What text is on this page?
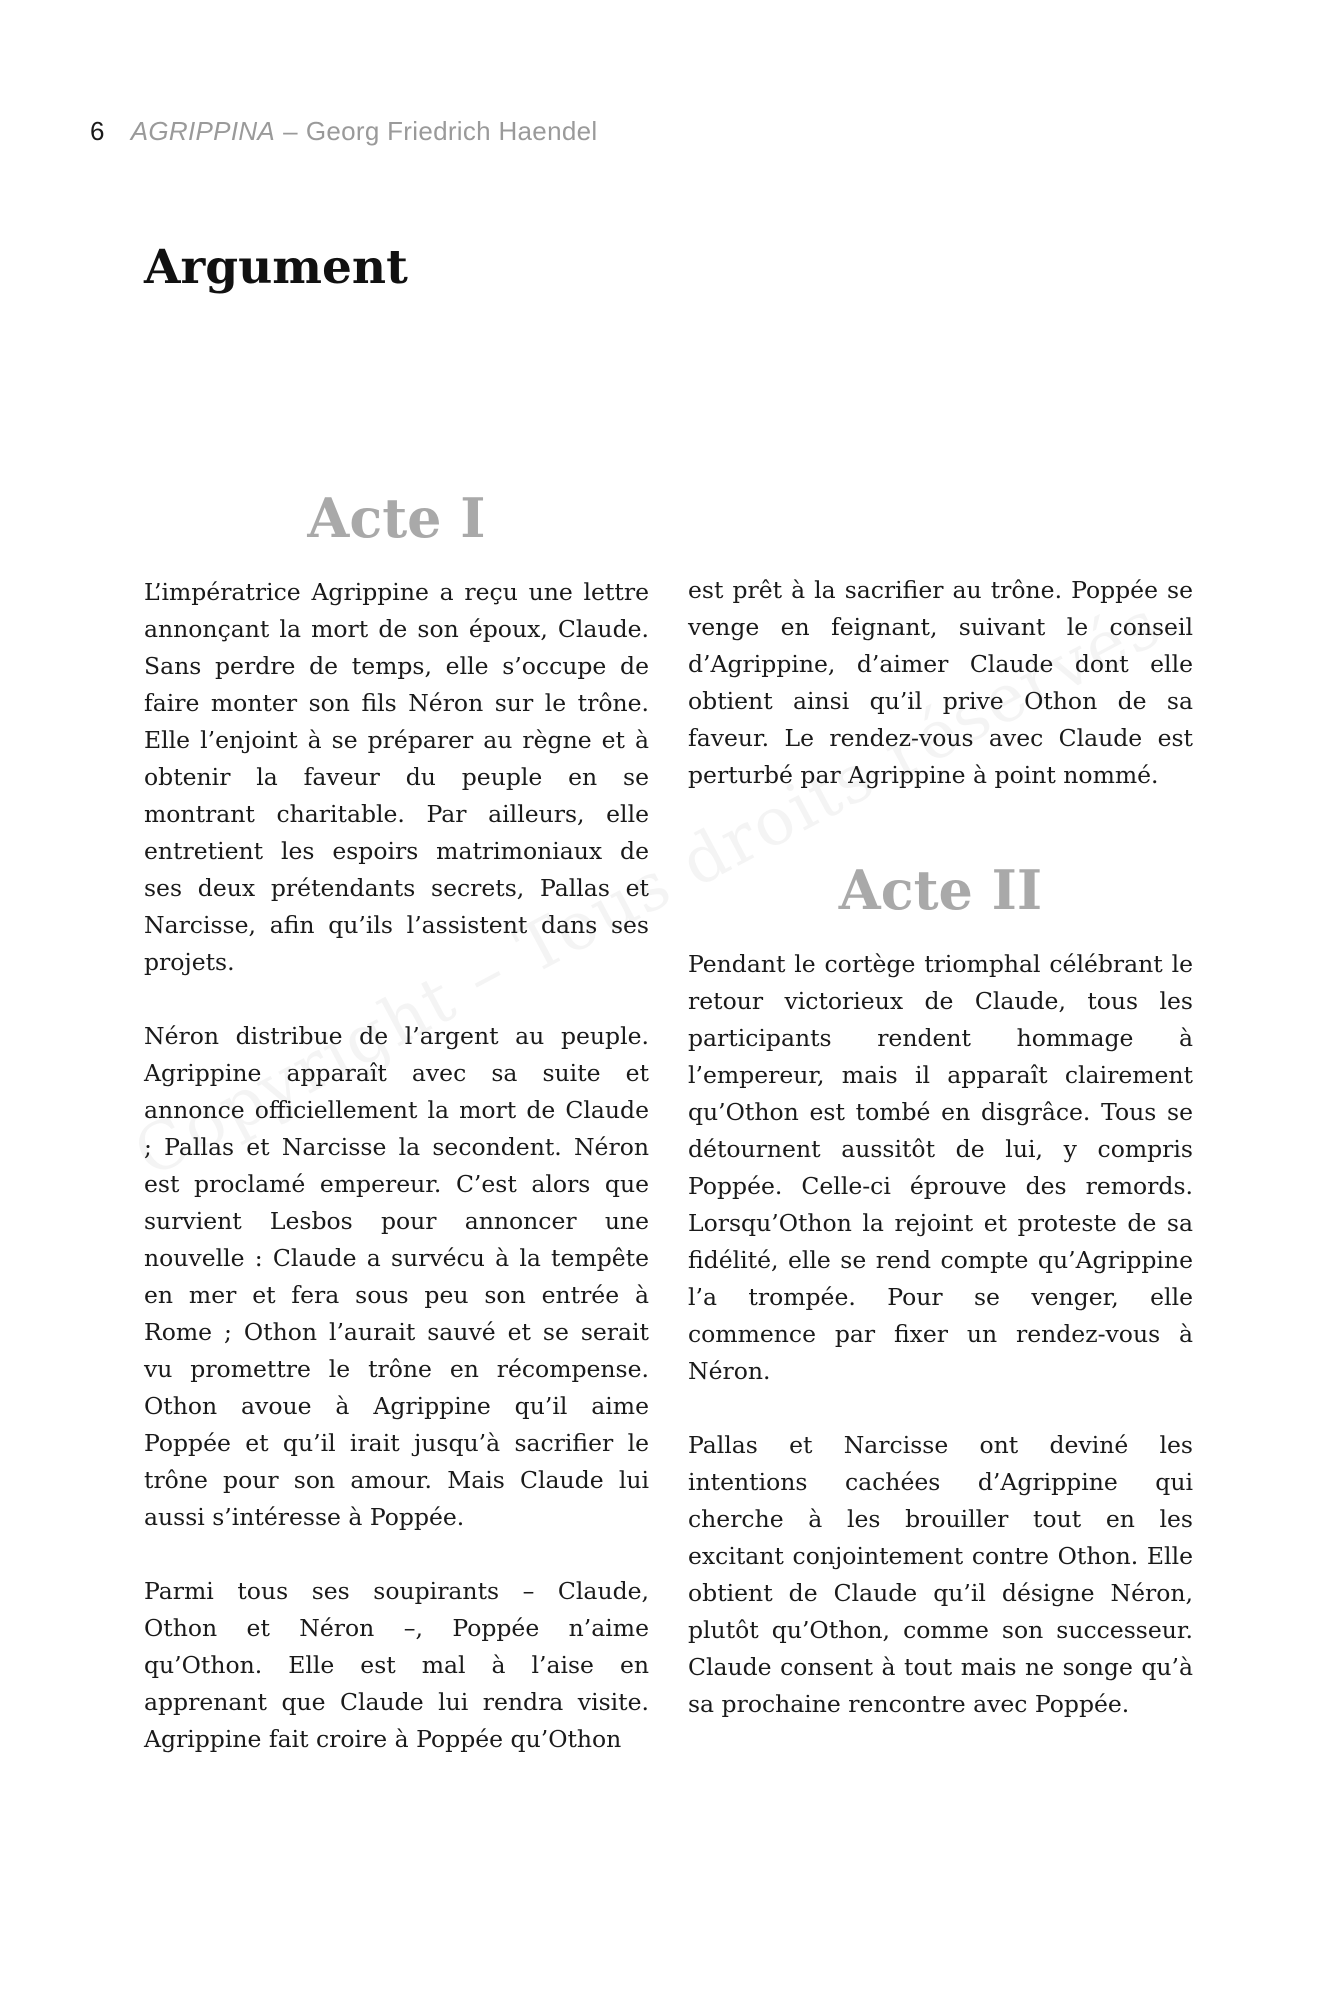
6 AGRIPPINA – Georg Friedrich Haendel
Argument
Acte I

L’impératrice Agrippine a reçu une lettre annonçant la mort de son époux, Claude. Sans perdre de temps, elle s’occupe de faire monter son fils Néron sur le trône. Elle l’enjoint à se préparer au règne et à obtenir la faveur du peuple en se montrant charitable. Par ailleurs, elle entretient les espoirs matrimoniaux de ses deux prétendants secrets, Pallas et Narcisse, afin qu’ils l’assistent dans ses projets.

Néron distribue de l’argent au peuple. Agrippine apparaît avec sa suite et annonce officiellement la mort de Claude ; Pallas et Narcisse la secondent. Néron est proclamé empereur. C’est alors que survient Lesbos pour annoncer une nouvelle : Claude a survécu à la tempête en mer et fera sous peu son entrée à Rome ; Othon l’aurait sauvé et se serait vu promettre le trône en récompense. Othon avoue à Agrippine qu’il aime Poppée et qu’il irait jusqu’à sacrifier le trône pour son amour. Mais Claude lui aussi s’intéresse à Poppée.

Parmi tous ses soupirants – Claude, Othon et Néron –, Poppée n’aime qu’Othon. Elle est mal à l’aise en apprenant que Claude lui rendra visite. Agrippine fait croire à Poppée qu’Othon

est prêt à la sacrifier au trône. Poppée se venge en feignant, suivant le conseil d’Agrippine, d’aimer Claude dont elle obtient ainsi qu’il prive Othon de sa faveur. Le rendez-vous avec Claude est perturbé par Agrippine à point nommé.

Acte II

Pendant le cortège triomphal célébrant le retour victorieux de Claude, tous les participants rendent hommage à l’empereur, mais il apparaît clairement qu’Othon est tombé en disgrâce. Tous se détournent aussitôt de lui, y compris Poppée. Celle-ci éprouve des remords. Lorsqu’Othon la rejoint et proteste de sa fidélité, elle se rend compte qu’Agrippine l’a trompée. Pour se venger, elle commence par fixer un rendez-vous à Néron.

Pallas et Narcisse ont deviné les intentions cachées d’Agrippine qui cherche à les brouiller tout en les excitant conjointement contre Othon. Elle obtient de Claude qu’il désigne Néron, plutôt qu’Othon, comme son successeur. Claude consent à tout mais ne songe qu’à sa prochaine rencontre avec Poppée.
